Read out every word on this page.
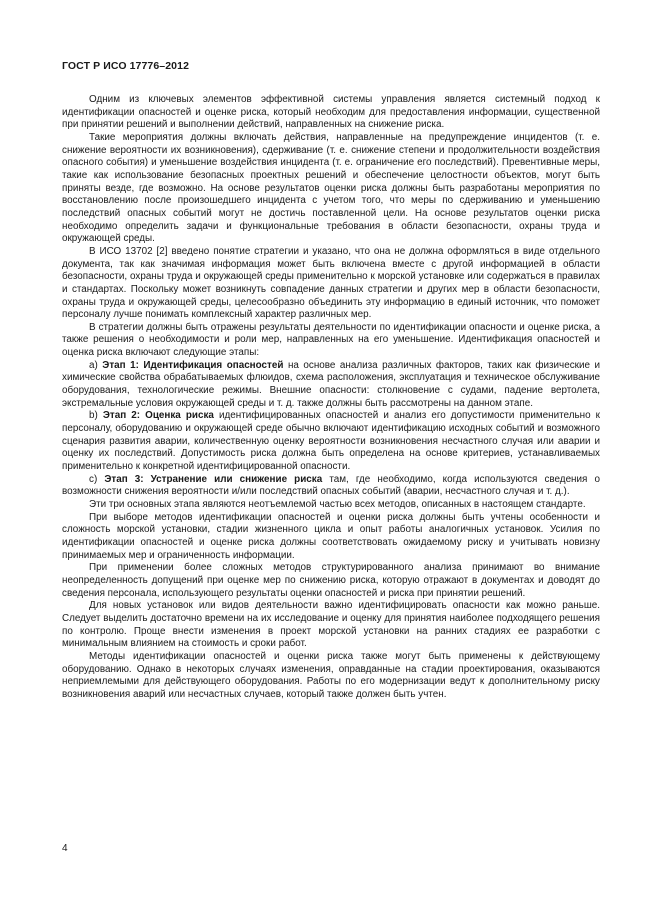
ГОСТ Р ИСО 17776–2012

Одним из ключевых элементов эффективной системы управления является системный подход к идентификации опасностей и оценке риска, который необходим для предоставления информации, существенной при принятии решений и выполнении действий, направленных на снижение риска.

Такие мероприятия должны включать действия, направленные на предупреждение инцидентов (т. е. снижение вероятности их возникновения), сдерживание (т. е. снижение степени и продолжительности воздействия опасного события) и уменьшение воздействия инцидента (т. е. ограничение его последствий). Превентивные меры, такие как использование безопасных проектных решений и обеспечение целостности объектов, могут быть приняты везде, где возможно. На основе результатов оценки риска должны быть разработаны мероприятия по восстановлению после произошедшего инцидента с учетом того, что меры по сдерживанию и уменьшению последствий опасных событий могут не достичь поставленной цели. На основе результатов оценки риска необходимо определить задачи и функциональные требования в области безопасности, охраны труда и окружающей среды.

В ИСО 13702 [2] введено понятие стратегии и указано, что она не должна оформляться в виде отдельного документа, так как значимая информация может быть включена вместе с другой информацией в области безопасности, охраны труда и окружающей среды применительно к морской установке или содержаться в правилах и стандартах. Поскольку может возникнуть совпадение данных стратегии и других мер в области безопасности, охраны труда и окружающей среды, целесообразно объединить эту информацию в единый источник, что поможет персоналу лучше понимать комплексный характер различных мер.

В стратегии должны быть отражены результаты деятельности по идентификации опасности и оценке риска, а также решения о необходимости и роли мер, направленных на его уменьшение. Идентификация опасностей и оценка риска включают следующие этапы:

а) Этап 1: Идентификация опасностей на основе анализа различных факторов, таких как физические и химические свойства обрабатываемых флюидов, схема расположения, эксплуатация и техническое обслуживание оборудования, технологические режимы. Внешние опасности: столкновение с судами, падение вертолета, экстремальные условия окружающей среды и т. д. также должны быть рассмотрены на данном этапе.

b) Этап 2: Оценка риска идентифицированных опасностей и анализ его допустимости применительно к персоналу, оборудованию и окружающей среде обычно включают идентификацию исходных событий и возможного сценария развития аварии, количественную оценку вероятности возникновения несчастного случая или аварии и оценку их последствий. Допустимость риска должна быть определена на основе критериев, устанавливаемых применительно к конкретной идентифицированной опасности.

c) Этап 3: Устранение или снижение риска там, где необходимо, когда используются сведения о возможности снижения вероятности и/или последствий опасных событий (аварии, несчастного случая и т. д.).

Эти три основных этапа являются неотъемлемой частью всех методов, описанных в настоящем стандарте.

При выборе методов идентификации опасностей и оценки риска должны быть учтены особенности и сложность морской установки, стадии жизненного цикла и опыт работы аналогичных установок. Усилия по идентификации опасностей и оценке риска должны соответствовать ожидаемому риску и учитывать новизну принимаемых мер и ограниченность информации.

При применении более сложных методов структурированного анализа принимают во внимание неопределенность допущений при оценке мер по снижению риска, которую отражают в документах и доводят до сведения персонала, использующего результаты оценки опасностей и риска при принятии решений.

Для новых установок или видов деятельности важно идентифицировать опасности как можно раньше. Следует выделить достаточно времени на их исследование и оценку для принятия наиболее подходящего решения по контролю. Проще внести изменения в проект морской установки на ранних стадиях ее разработки с минимальным влиянием на стоимость и сроки работ.

Методы идентификации опасностей и оценки риска также могут быть применены к действующему оборудованию. Однако в некоторых случаях изменения, оправданные на стадии проектирования, оказываются неприемлемыми для действующего оборудования. Работы по его модернизации ведут к дополнительному риску возникновения аварий или несчастных случаев, который также должен быть учтен.

4
